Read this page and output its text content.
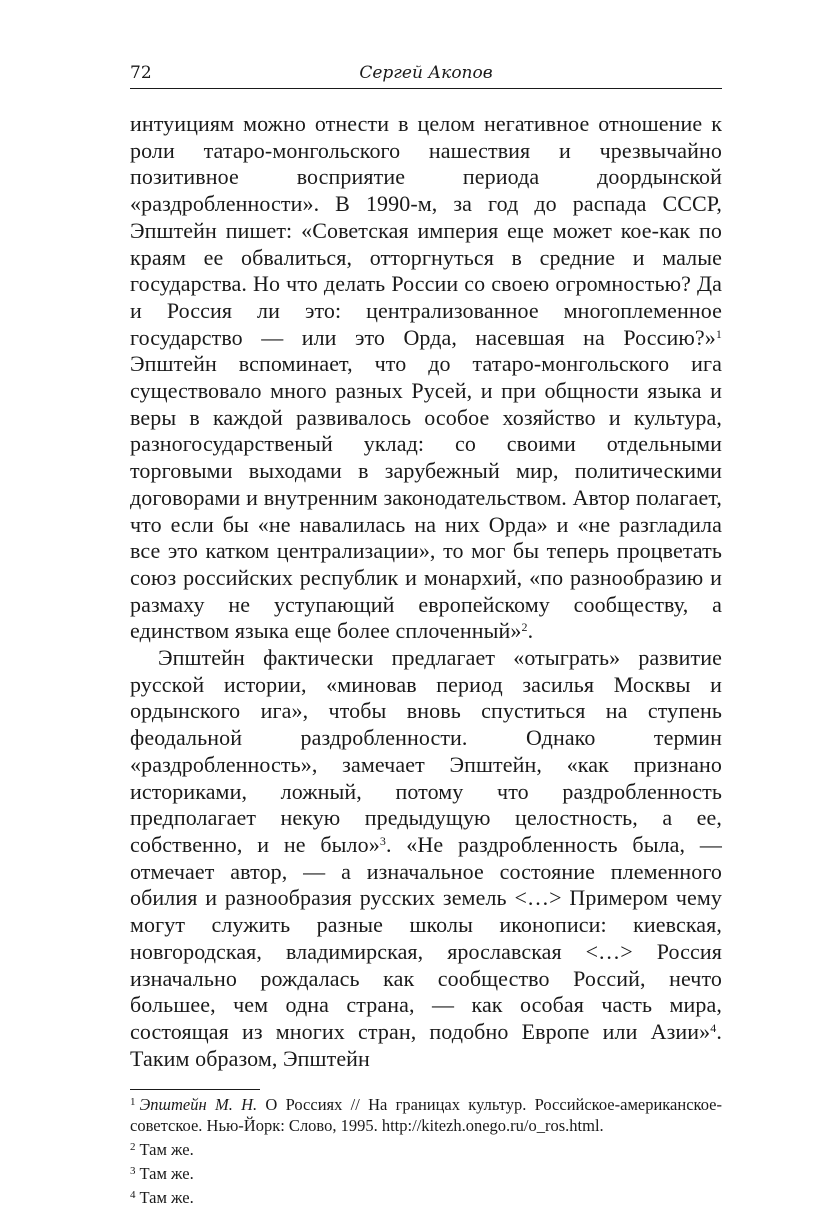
72	Сергей Акопов

интуициям можно отнести в целом негативное отношение к роли татаро-монгольского нашествия и чрезвычайно позитивное восприятие периода доордынской «раздробленности». В 1990-м, за год до распада СССР, Эпштейн пишет: «Советская империя еще может кое-как по краям ее обвалиться, отторгнуться в средние и малые государства. Но что делать России со своею огромностью? Да и Россия ли это: централизованное многоплеменное государство — или это Орда, насевшая на Россию?»$^1$ Эпштейн вспоминает, что до татаро-монгольского ига существовало много разных Русей, и при общности языка и веры в каждой развивалось особое хозяйство и культура, разногосударственый уклад: со своими отдельными торговыми выходами в зарубежный мир, политическими договорами и внутренним законодательством. Автор полагает, что если бы «не навалилась на них Орда» и «не разгладила все это катком централизации», то мог бы теперь процветать союз российских республик и монархий, «по разнообразию и размаху не уступающий европейскому сообществу, а единством языка еще более сплоченный»$^2$.

Эпштейн фактически предлагает «отыграть» развитие русской истории, «миновав период засилья Москвы и ордынского ига», чтобы вновь спуститься на ступень феодальной раздробленности. Однако термин «раздробленность», замечает Эпштейн, «как признано историками, ложный, потому что раздробленность предполагает некую предыдущую целостность, а ее, собственно, и не было»$^3$. «Не раздробленность была, — отмечает автор, — а изначальное состояние племенного обилия и разнообразия русских земель <…> Примером чему могут служить разные школы иконописи: киевская, новгородская, владимирская, ярославская <…> Россия изначально рождалась как сообщество Россий, нечто большее, чем одна страна, — как особая часть мира, состоящая из многих стран, подобно Европе или Азии»$^4$. Таким образом, Эпштейн

$^1$ Эпштейн М. Н. О Россиях // На границах культур. Российское-американское-советское. Нью-Йорк: Слово, 1995. http://kitezh.onego.ru/o_ros.html.

$^2$ Там же.

$^3$ Там же.

$^4$ Там же.
